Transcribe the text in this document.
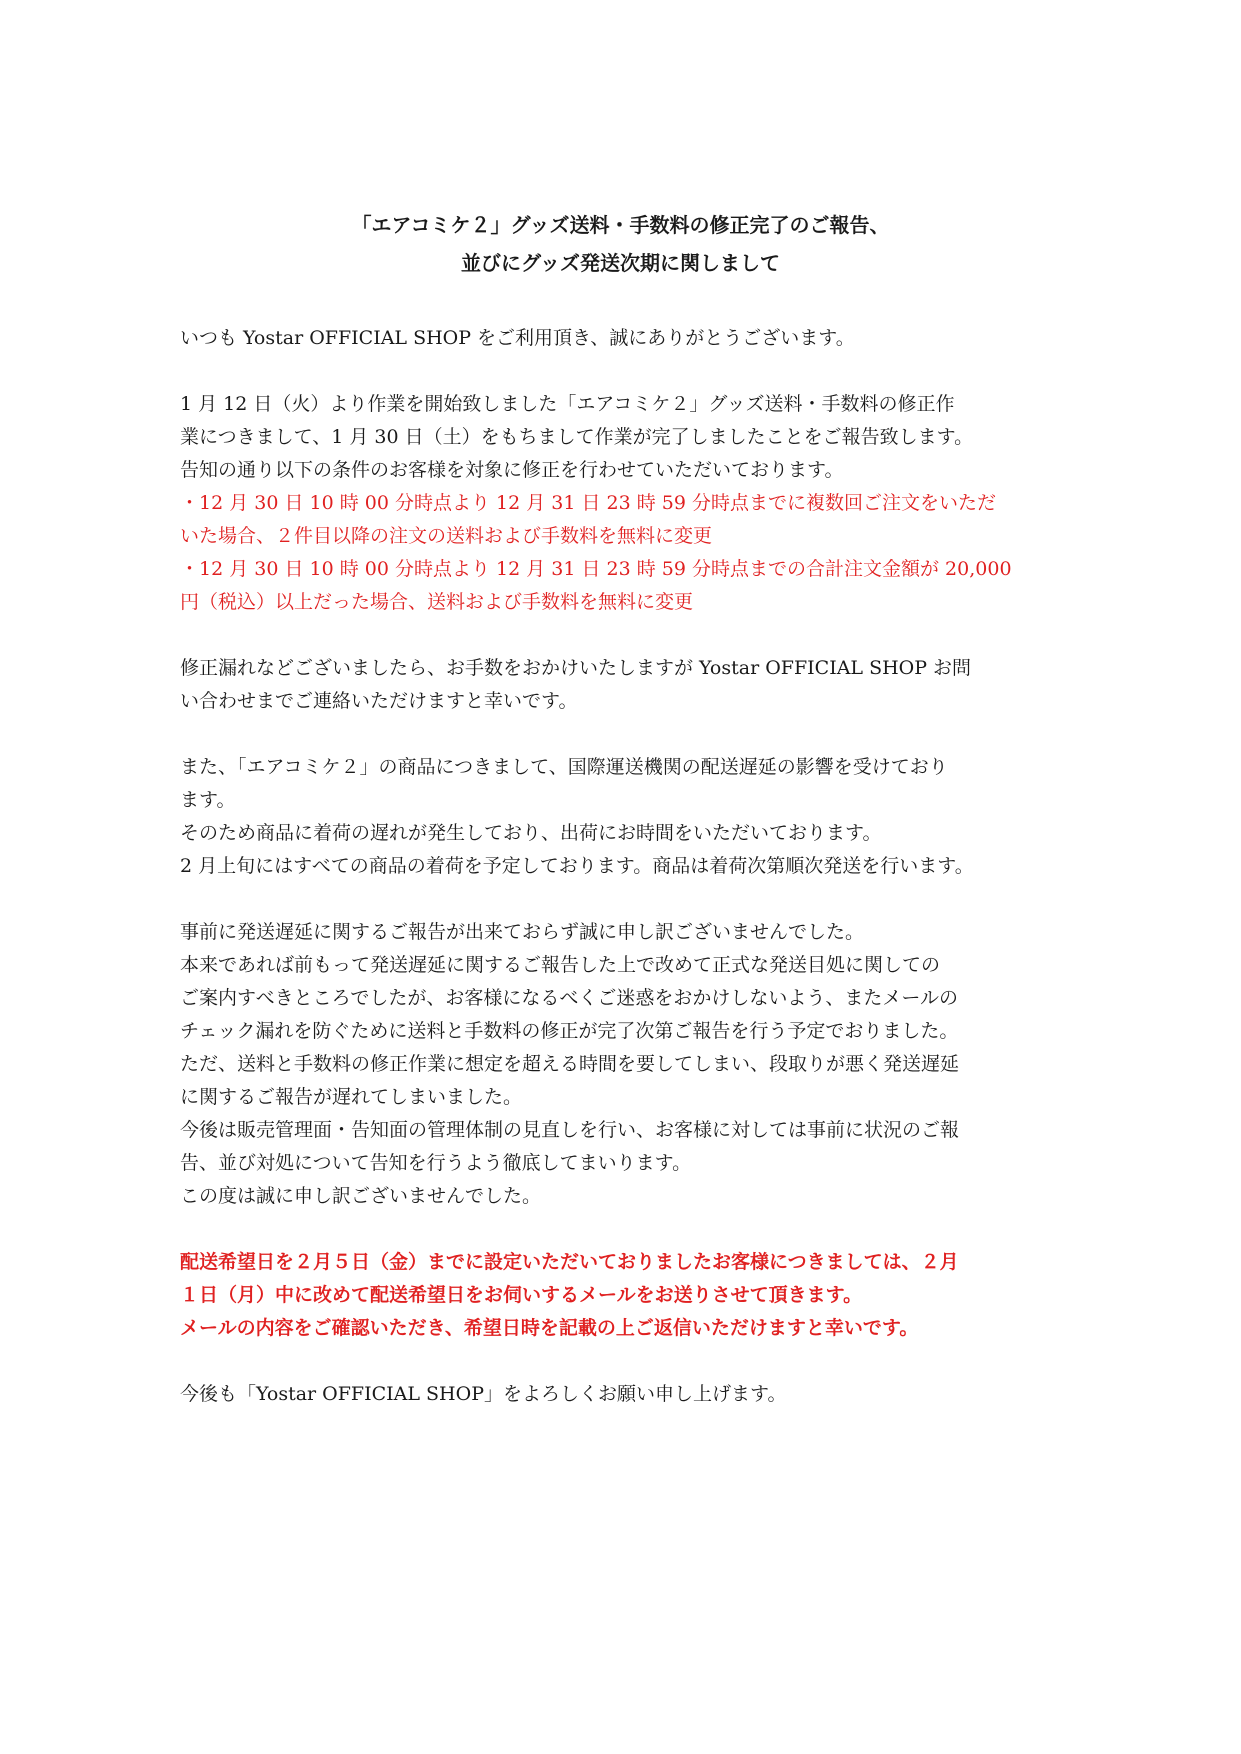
「エアコミケ２」グッズ送料・手数料の修正完了のご報告、
並びにグッズ発送次期に関しまして

いつも Yostar OFFICIAL SHOP をご利用頂き、誠にありがとうございます。

1 月 12 日（火）より作業を開始致しました「エアコミケ２」グッズ送料・手数料の修正作
業につきまして、1 月 30 日（土）をもちまして作業が完了しましたことをご報告致します。
告知の通り以下の条件のお客様を対象に修正を行わせていただいております。
・12 月 30 日 10 時 00 分時点より 12 月 31 日 23 時 59 分時点までに複数回ご注文をいただ
いた場合、２件目以降の注文の送料および手数料を無料に変更
・12 月 30 日 10 時 00 分時点より 12 月 31 日 23 時 59 分時点までの合計注文金額が 20,000
円（税込）以上だった場合、送料および手数料を無料に変更
修正漏れなどございましたら、お手数をおかけいたしますが Yostar OFFICIAL SHOP お問
い合わせまでご連絡いただけますと幸いです。
また、「エアコミケ２」の商品につきまして、国際運送機関の配送遅延の影響を受けており
ます。
そのため商品に着荷の遅れが発生しており、出荷にお時間をいただいております。
2 月上旬にはすべての商品の着荷を予定しております。商品は着荷次第順次発送を行います。
事前に発送遅延に関するご報告が出来ておらず誠に申し訳ございませんでした。
本来であれば前もって発送遅延に関するご報告した上で改めて正式な発送目処に関しての
ご案内すべきところでしたが、お客様になるべくご迷惑をおかけしないよう、またメールの
チェック漏れを防ぐために送料と手数料の修正が完了次第ご報告を行う予定でおりました。
ただ、送料と手数料の修正作業に想定を超える時間を要してしまい、段取りが悪く発送遅延
に関するご報告が遅れてしまいました。
今後は販売管理面・告知面の管理体制の見直しを行い、お客様に対しては事前に状況のご報
告、並び対処について告知を行うよう徹底してまいります。
この度は誠に申し訳ございませんでした。
配送希望日を２月５日（金）までに設定いただいておりましたお客様につきましては、２月
１日（月）中に改めて配送希望日をお伺いするメールをお送りさせて頂きます。
メールの内容をご確認いただき、希望日時を記載の上ご返信いただけますと幸いです。

今後も「Yostar OFFICIAL SHOP」をよろしくお願い申し上げます。
